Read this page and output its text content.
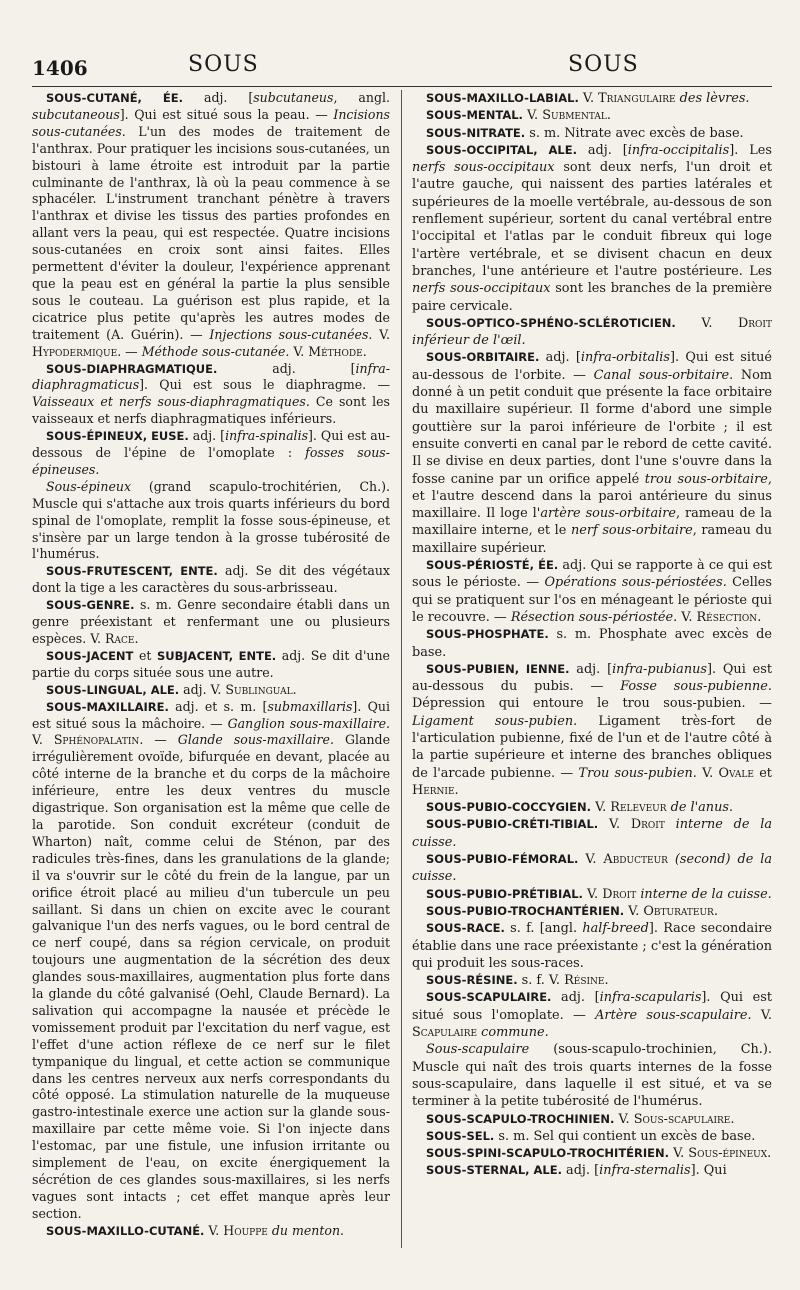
1406	SOUS	SOUS

SOUS-CUTANÉ, ÉE. adj. [subcutaneus, angl. subcutaneous]. Qui est situé sous la peau. — Incisions sous-cutanées. L'un des modes de traitement de l'anthrax. Pour pratiquer les incisions sous-cutanées, un bistouri à lame étroite est introduit par la partie culminante de l'anthrax, là où la peau commence à se sphacéler. L'instrument tranchant pénètre à travers l'anthrax et divise les tissus des parties profondes en allant vers la peau, qui est respectée. Quatre incisions sous-cutanées en croix sont ainsi faites. Elles permettent d'éviter la douleur, l'expérience apprenant que la peau est en général la partie la plus sensible sous le couteau. La guérison est plus rapide, et la cicatrice plus petite qu'après les autres modes de traitement (A. Guérin). — Injections sous-cutanées. V. Hypodermique. — Méthode sous-cutanée. V. Méthode.

SOUS-DIAPHRAGMATIQUE. adj. [infra-diaphragmaticus]. Qui est sous le diaphragme. — Vaisseaux et nerfs sous-diaphragmatiques. Ce sont les vaisseaux et nerfs diaphragmatiques inférieurs.

SOUS-ÉPINEUX, EUSE. adj. [infra-spinalis]. Qui est au-dessous de l'épine de l'omoplate : fosses sous-épineuses.

Sous-épineux (grand scapulo-trochitérien, Ch.). Muscle qui s'attache aux trois quarts inférieurs du bord spinal de l'omoplate, remplit la fosse sous-épineuse, et s'insère par un large tendon à la grosse tubérosité de l'humérus.

SOUS-FRUTESCENT, ENTE. adj. Se dit des végétaux dont la tige a les caractères du sous-arbrisseau.

SOUS-GENRE. s. m. Genre secondaire établi dans un genre préexistant et renfermant une ou plusieurs espèces. V. Race.

SOUS-JACENT et SUBJACENT, ENTE. adj. Se dit d'une partie du corps située sous une autre.

SOUS-LINGUAL, ALE. adj. V. Sublingual.

SOUS-MAXILLAIRE. adj. et s. m. [submaxillaris]. Qui est situé sous la mâchoire. — Ganglion sous-maxillaire. V. Sphénopalatin. — Glande sous-maxillaire. Glande irrégulièrement ovoïde, bifurquée en devant, placée au côté interne de la branche et du corps de la mâchoire inférieure, entre les deux ventres du muscle digastrique. Son organisation est la même que celle de la parotide. Son conduit excréteur (conduit de Wharton) naît, comme celui de Sténon, par des radicules très-fines, dans les granulations de la glande; il va s'ouvrir sur le côté du frein de la langue, par un orifice étroit placé au milieu d'un tubercule un peu saillant. Si dans un chien on excite avec le courant galvanique l'un des nerfs vagues, ou le bord central de ce nerf coupé, dans sa région cervicale, on produit toujours une augmentation de la sécrétion des deux glandes sous-maxillaires, augmentation plus forte dans la glande du côté galvanisé (Oehl, Claude Bernard). La salivation qui accompagne la nausée et précède le vomissement produit par l'excitation du nerf vague, est l'effet d'une action réflexe de ce nerf sur le filet tympanique du lingual, et cette action se communique dans les centres nerveux aux nerfs correspondants du côté opposé. La stimulation naturelle de la muqueuse gastro-intestinale exerce une action sur la glande sous-maxillaire par cette même voie. Si l'on injecte dans l'estomac, par une fistule, une infusion irritante ou simplement de l'eau, on excite énergiquement la sécrétion de ces glandes sous-maxillaires, si les nerfs vagues sont intacts ; cet effet manque après leur section.

SOUS-MAXILLO-CUTANÉ. V. Houppe du menton.

SOUS-MAXILLO-LABIAL. V. Triangulaire des lèvres.

SOUS-MENTAL. V. Submental.

SOUS-NITRATE. s. m. Nitrate avec excès de base.

SOUS-OCCIPITAL, ALE. adj. [infra-occipitalis]. Les nerfs sous-occipitaux sont deux nerfs, l'un droit et l'autre gauche, qui naissent des parties latérales et supérieures de la moelle vertébrale, au-dessous de son renflement supérieur, sortent du canal vertébral entre l'occipital et l'atlas par le conduit fibreux qui loge l'artère vertébrale, et se divisent chacun en deux branches, l'une antérieure et l'autre postérieure. Les nerfs sous-occipitaux sont les branches de la première paire cervicale.

SOUS-OPTICO-SPHÉNO-SCLÉROTICIEN. V. Droit inférieur de l'œil.

SOUS-ORBITAIRE. adj. [infra-orbitalis]. Qui est situé au-dessous de l'orbite. — Canal sous-orbitaire. Nom donné à un petit conduit que présente la face orbitaire du maxillaire supérieur. Il forme d'abord une simple gouttière sur la paroi inférieure de l'orbite ; il est ensuite converti en canal par le rebord de cette cavité. Il se divise en deux parties, dont l'une s'ouvre dans la fosse canine par un orifice appelé trou sous-orbitaire, et l'autre descend dans la paroi antérieure du sinus maxillaire. Il loge l'artère sous-orbitaire, rameau de la maxillaire interne, et le nerf sous-orbitaire, rameau du maxillaire supérieur.

SOUS-PÉRIOSTÉ, ÉE. adj. Qui se rapporte à ce qui est sous le périoste. — Opérations sous-périostées. Celles qui se pratiquent sur l'os en ménageant le périoste qui le recouvre. — Résection sous-périostée. V. Résection.

SOUS-PHOSPHATE. s. m. Phosphate avec excès de base.

SOUS-PUBIEN, IENNE. adj. [infra-pubianus]. Qui est au-dessous du pubis. — Fosse sous-pubienne. Dépression qui entoure le trou sous-pubien. — Ligament sous-pubien. Ligament très-fort de l'articulation pubienne, fixé de l'un et de l'autre côté à la partie supérieure et interne des branches obliques de l'arcade pubienne. — Trou sous-pubien. V. Ovale et Hernie.

SOUS-PUBIO-COCCYGIEN. V. Releveur de l'anus.

SOUS-PUBIO-CRÉTI-TIBIAL. V. Droit interne de la cuisse.

SOUS-PUBIO-FÉMORAL. V. Abducteur (second) de la cuisse.

SOUS-PUBIO-PRÉTIBIAL. V. Droit interne de la cuisse.

SOUS-PUBIO-TROCHANTÉRIEN. V. Obturateur.

SOUS-RACE. s. f. [angl. half-breed]. Race secondaire établie dans une race préexistante ; c'est la génération qui produit les sous-races.

SOUS-RÉSINE. s. f. V. Résine.

SOUS-SCAPULAIRE. adj. [infra-scapularis]. Qui est situé sous l'omoplate. — Artère sous-scapulaire. V. Scapulaire commune.

Sous-scapulaire (sous-scapulo-trochinien, Ch.). Muscle qui naît des trois quarts internes de la fosse sous-scapulaire, dans laquelle il est situé, et va se terminer à la petite tubérosité de l'humérus.

SOUS-SCAPULO-TROCHINIEN. V. Sous-scapulaire.

SOUS-SEL. s. m. Sel qui contient un excès de base.

SOUS-SPINI-SCAPULO-TROCHITÉRIEN. V. Sous-épineux.

SOUS-STERNAL, ALE. adj. [infra-sternalis]. Qui
